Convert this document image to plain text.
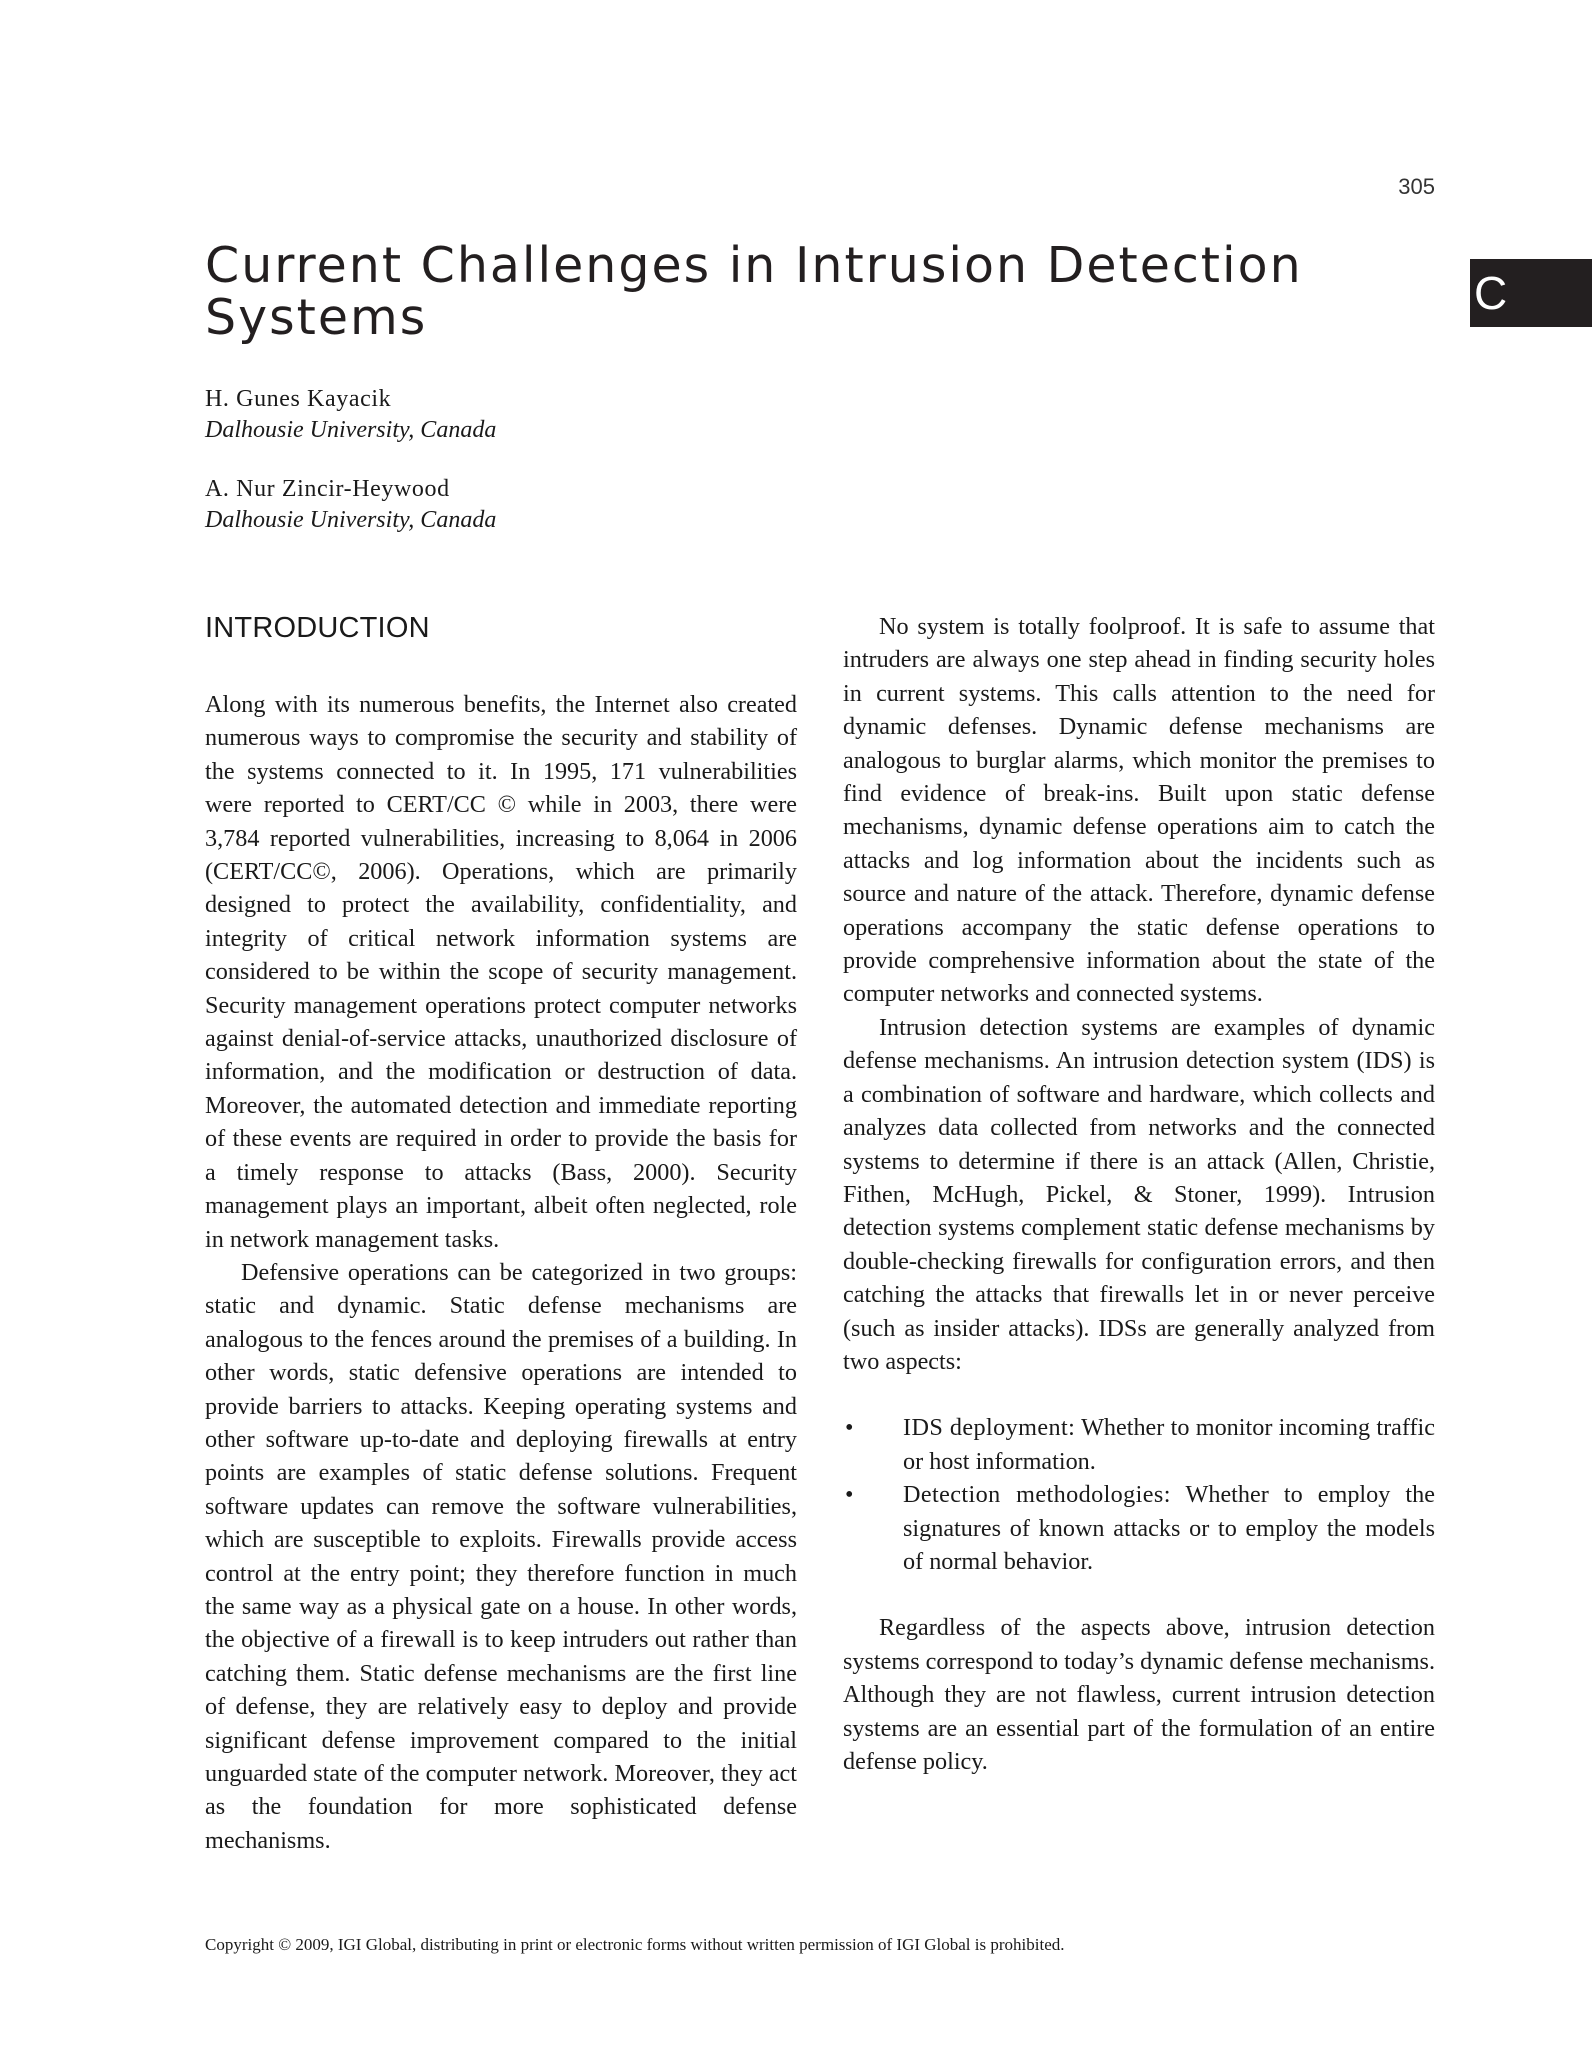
305
C
Current Challenges in Intrusion Detection Systems
H. Gunes Kayacik
Dalhousie University, Canada
A. Nur Zincir-Heywood
Dalhousie University, Canada
INTRODUCTION

Along with its numerous benefits, the Internet also created numerous ways to compromise the security and stability of the systems connected to it. In 1995, 171 vulnerabilities were reported to CERT/CC © while in 2003, there were 3,784 reported vulnerabilities, increasing to 8,064 in 2006 (CERT/CC©, 2006). Operations, which are primarily designed to protect the availability, confidentiality, and integrity of critical network information systems are considered to be within the scope of security management. Security management operations protect computer networks against denial-of-service attacks, unauthorized disclosure of information, and the modification or destruction of data. Moreover, the automated detection and immediate reporting of these events are required in order to provide the basis for a timely response to attacks (Bass, 2000). Security management plays an important, albeit often neglected, role in network management tasks.

Defensive operations can be categorized in two groups: static and dynamic. Static defense mechanisms are analogous to the fences around the premises of a building. In other words, static defensive operations are intended to provide barriers to attacks. Keeping operating systems and other software up-to-date and deploying firewalls at entry points are examples of static defense solutions. Frequent software updates can remove the software vulnerabilities, which are susceptible to exploits. Firewalls provide access control at the entry point; they therefore function in much the same way as a physical gate on a house. In other words, the objective of a firewall is to keep intruders out rather than catching them. Static defense mechanisms are the first line of defense, they are relatively easy to deploy and provide significant defense improvement compared to the initial unguarded state of the computer network. Moreover, they act as the foundation for more sophisticated defense mechanisms.

No system is totally foolproof. It is safe to assume that intruders are always one step ahead in finding security holes in current systems. This calls attention to the need for dynamic defenses. Dynamic defense mechanisms are analogous to burglar alarms, which monitor the premises to find evidence of break-ins. Built upon static defense mechanisms, dynamic defense operations aim to catch the attacks and log information about the incidents such as source and nature of the attack. Therefore, dynamic defense operations accompany the static defense operations to provide comprehensive information about the state of the computer networks and connected systems.

Intrusion detection systems are examples of dynamic defense mechanisms. An intrusion detection system (IDS) is a combination of software and hardware, which collects and analyzes data collected from networks and the connected systems to determine if there is an attack (Allen, Christie, Fithen, McHugh, Pickel, & Stoner, 1999). Intrusion detection systems complement static defense mechanisms by double-checking firewalls for configuration errors, and then catching the attacks that firewalls let in or never perceive (such as insider attacks). IDSs are generally analyzed from two aspects:

• IDS deployment: Whether to monitor incoming traffic or host information.
• Detection methodologies: Whether to employ the signatures of known attacks or to employ the models of normal behavior.

Regardless of the aspects above, intrusion detection systems correspond to today’s dynamic defense mechanisms. Although they are not flawless, current intrusion detection systems are an essential part of the formulation of an entire defense policy.

Copyright © 2009, IGI Global, distributing in print or electronic forms without written permission of IGI Global is prohibited.
